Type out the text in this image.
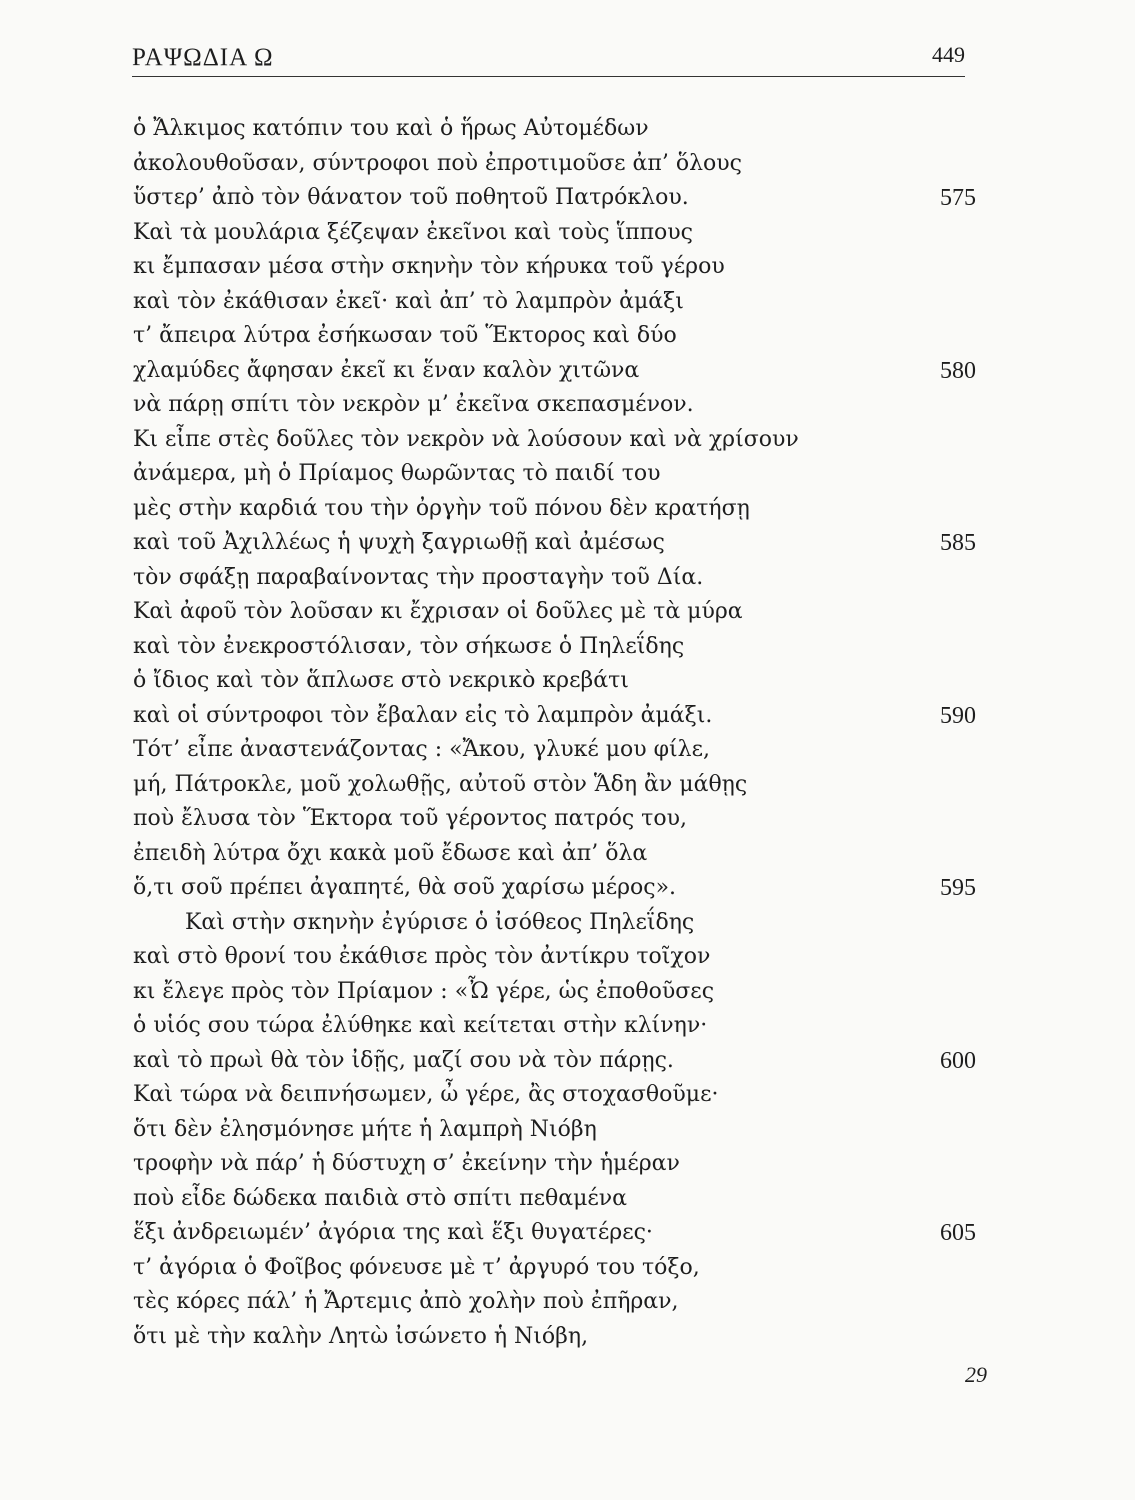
ΡΑΨΩΔΙΑ Ω	449
ὁ Ἄλκιμος κατόπιν του καὶ ὁ ἥρως Αὐτομέδων
ἀκολουθοῦσαν, σύντροφοι ποὺ ἐπροτιμοῦσε ἀπ’ ὅλους
ὕστερ’ ἀπὸ τὸν θάνατον τοῦ ποθητοῦ Πατρόκλου.	575
Καὶ τὰ μουλάρια ξέζεψαν ἐκεῖνοι καὶ τοὺς ἵππους
κι ἔμπασαν μέσα στὴν σκηνὴν τὸν κήρυκα τοῦ γέρου
καὶ τὸν ἐκάθισαν ἐκεῖ· καὶ ἀπ’ τὸ λαμπρὸν ἀμάξι
τ’ ἄπειρα λύτρα ἐσήκωσαν τοῦ Ἕκτορος καὶ δύο
χλαμύδες ἄφησαν ἐκεῖ κι ἕναν καλὸν χιτῶνα	580
νὰ πάρῃ σπίτι τὸν νεκρὸν μ’ ἐκεῖνα σκεπασμένον.
Κι εἶπε στὲς δοῦλες τὸν νεκρὸν νὰ λούσουν καὶ νὰ χρίσουν
ἀνάμερα, μὴ ὁ Πρίαμος θωρῶντας τὸ παιδί του
μὲς στὴν καρδιά του τὴν ὀργὴν τοῦ πόνου δὲν κρατήσῃ
καὶ τοῦ Ἀχιλλέως ἡ ψυχὴ ξαγριωθῇ καὶ ἀμέσως	585
τὸν σφάξῃ παραβαίνοντας τὴν προσταγὴν τοῦ Δία.
Καὶ ἀφοῦ τὸν λοῦσαν κι ἔχρισαν οἱ δοῦλες μὲ τὰ μύρα
καὶ τὸν ἐνεκροστόλισαν, τὸν σήκωσε ὁ Πηλεΐδης
ὁ ἴδιος καὶ τὸν ἅπλωσε στὸ νεκρικὸ κρεβάτι
καὶ οἱ σύντροφοι τὸν ἔβαλαν εἰς τὸ λαμπρὸν ἀμάξι.	590
Τότ’ εἶπε ἀναστενάζοντας : «Ἄκου, γλυκέ μου φίλε,
μή, Πάτροκλε, μοῦ χολωθῇς, αὐτοῦ στὸν Ἅδη ἂν μάθῃς
ποὺ ἔλυσα τὸν Ἕκτορα τοῦ γέροντος πατρός του,
ἐπειδὴ λύτρα ὄχι κακὰ μοῦ ἔδωσε καὶ ἀπ’ ὅλα
ὅ,τι σοῦ πρέπει ἀγαπητέ, θὰ σοῦ χαρίσω μέρος».	595
Καὶ στὴν σκηνὴν ἐγύρισε ὁ ἰσόθεος Πηλεΐδης
καὶ στὸ θρονί του ἐκάθισε πρὸς τὸν ἀντίκρυ τοῖχον
κι ἔλεγε πρὸς τὸν Πρίαμον : «Ὦ γέρε, ὡς ἐποθοῦσες
ὁ υἱός σου τώρα ἐλύθηκε καὶ κείτεται στὴν κλίνην·
καὶ τὸ πρωὶ θὰ τὸν ἰδῇς, μαζί σου νὰ τὸν πάρῃς.	600
Καὶ τώρα νὰ δειπνήσωμεν, ὦ γέρε, ἂς στοχασθοῦμε·
ὅτι δὲν ἐλησμόνησε μήτε ἡ λαμπρὴ Νιόβη
τροφὴν νὰ πάρ’ ἡ δύστυχη σ’ ἐκείνην τὴν ἡμέραν
ποὺ εἶδε δώδεκα παιδιὰ στὸ σπίτι πεθαμένα
ἕξι ἀνδρειωμέν’ ἀγόρια της καὶ ἕξι θυγατέρες·	605
τ’ ἀγόρια ὁ Φοῖβος φόνευσε μὲ τ’ ἀργυρό του τόξο,
τὲς κόρες πάλ’ ἡ Ἄρτεμις ἀπὸ χολὴν ποὺ ἐπῆραν,
ὅτι μὲ τὴν καλὴν Λητὼ ἰσώνετο ἡ Νιόβη,
29
